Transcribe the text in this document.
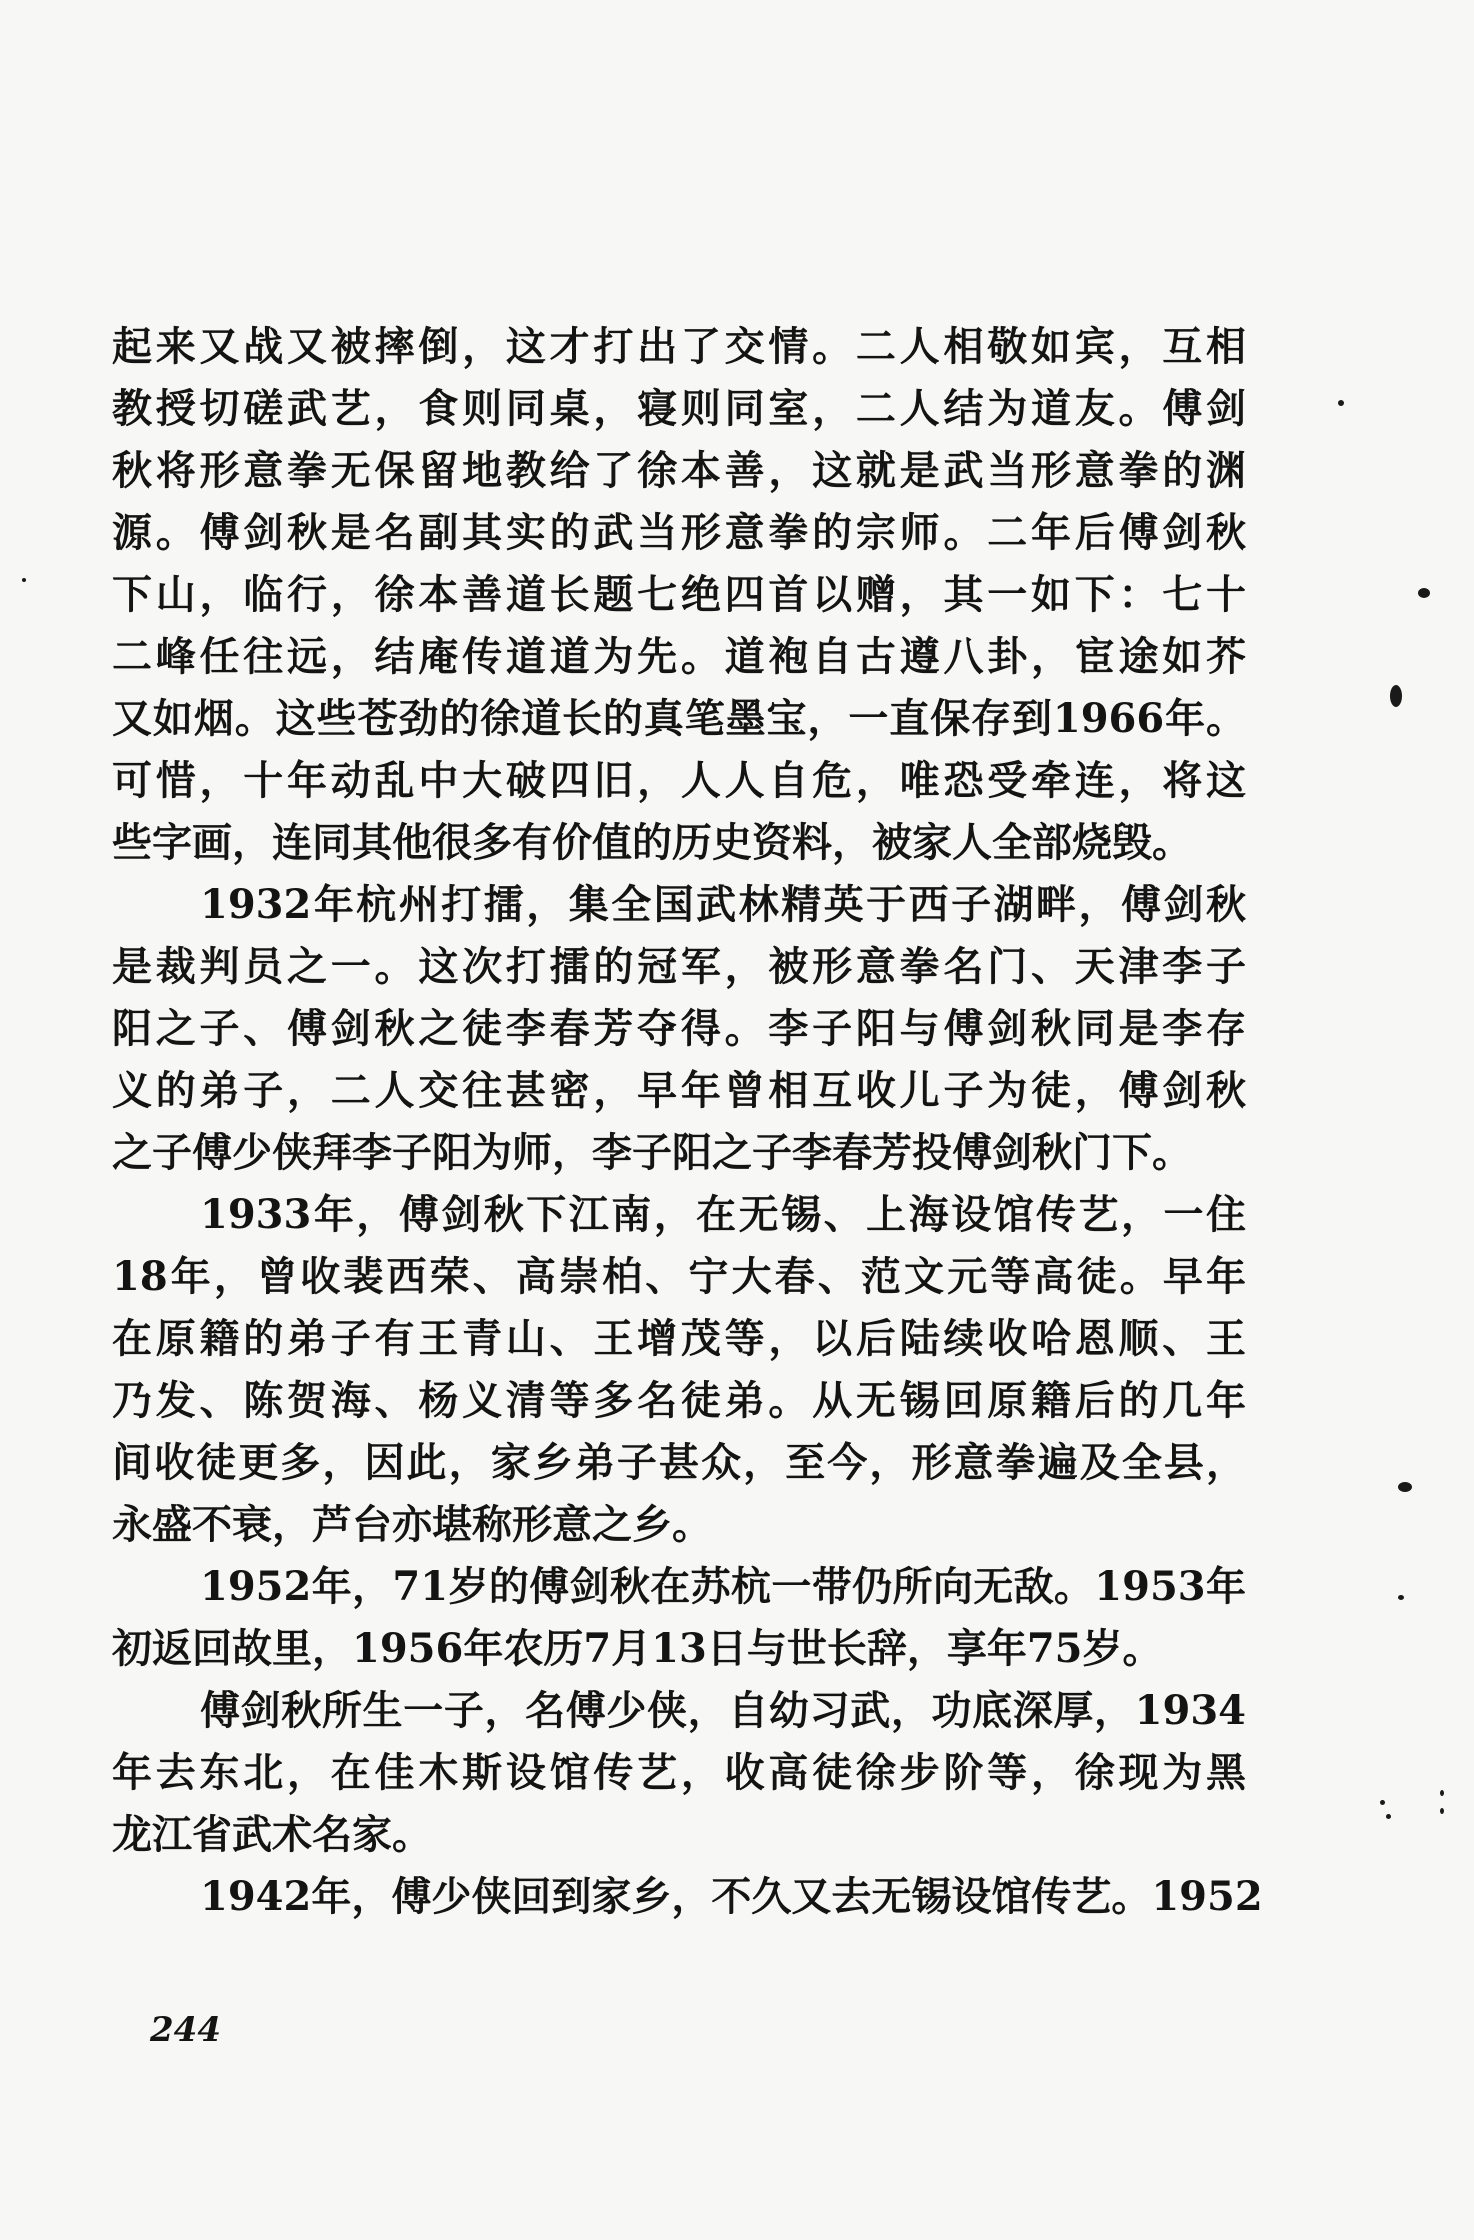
起来又战又被摔倒，这才打出了交情。二人相敬如宾，互相
教授切磋武艺，食则同桌，寝则同室，二人结为道友。傅剑
秋将形意拳无保留地教给了徐本善，这就是武当形意拳的渊
源。傅剑秋是名副其实的武当形意拳的宗师。二年后傅剑秋
下山，临行，徐本善道长题七绝四首以赠，其一如下：七十
二峰任往远，结庵传道道为先。道袍自古遵八卦，宦途如芥
又如烟。这些苍劲的徐道长的真笔墨宝，一直保存到1966年。
可惜，十年动乱中大破四旧，人人自危，唯恐受牵连，将这
些字画，连同其他很多有价值的历史资料，被家人全部烧毁。
1932年杭州打擂，集全国武林精英于西子湖畔，傅剑秋
是裁判员之一。这次打擂的冠军，被形意拳名门、天津李子
阳之子、傅剑秋之徒李春芳夺得。李子阳与傅剑秋同是李存
义的弟子，二人交往甚密，早年曾相互收儿子为徒，傅剑秋
之子傅少侠拜李子阳为师，李子阳之子李春芳投傅剑秋门下。
1933年，傅剑秋下江南，在无锡、上海设馆传艺，一住
18年，曾收裴西荣、高崇柏、宁大春、范文元等高徒。早年
在原籍的弟子有王青山、王增茂等，以后陆续收哈恩顺、王
乃发、陈贺海、杨义清等多名徒弟。从无锡回原籍后的几年
间收徒更多，因此，家乡弟子甚众，至今，形意拳遍及全县，
永盛不衰，芦台亦堪称形意之乡。
1952年，71岁的傅剑秋在苏杭一带仍所向无敌。1953年
初返回故里，1956年农历7月13日与世长辞，享年75岁。
傅剑秋所生一子，名傅少侠，自幼习武，功底深厚，1934
年去东北，在佳木斯设馆传艺，收高徒徐步阶等，徐现为黑
龙江省武术名家。
1942年，傅少侠回到家乡，不久又去无锡设馆传艺。1952
244
